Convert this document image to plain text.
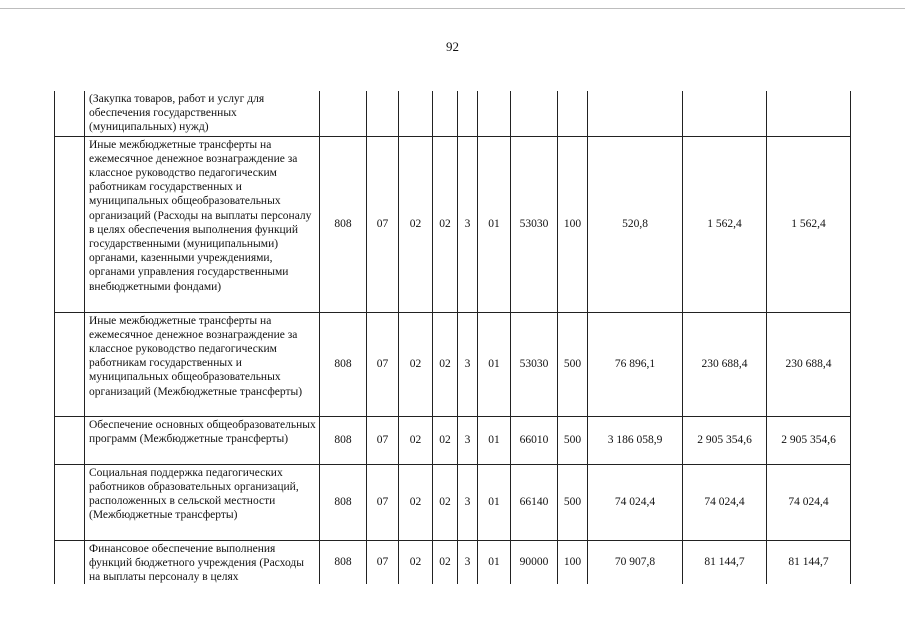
92
	(Закупка товаров, работ и услуг для обеспечения государственных (муниципальных) нужд)											
	Иные межбюджетные трансферты на ежемесячное денежное вознаграждение за классное руководство педагогическим работникам государственных и муниципальных общеобразовательных организаций (Расходы на выплаты персоналу в целях обеспечения выполнения функций государственными (муниципальными) органами, казенными учреждениями, органами управления государственными внебюджетными фондами)	808	07	02	02	3	01	53030	100	520,8	1 562,4	1 562,4
	Иные межбюджетные трансферты на ежемесячное денежное вознаграждение за классное руководство педагогическим работникам государственных и муниципальных общеобразовательных организаций (Межбюджетные трансферты)	808	07	02	02	3	01	53030	500	76 896,1	230 688,4	230 688,4
	Обеспечение основных общеобразовательных программ (Межбюджетные трансферты)	808	07	02	02	3	01	66010	500	3 186 058,9	2 905 354,6	2 905 354,6
	Социальная поддержка педагогических работников образовательных организаций, расположенных в сельской местности (Межбюджетные трансферты)	808	07	02	02	3	01	66140	500	74 024,4	74 024,4	74 024,4
	Финансовое обеспечение выполнения функций бюджетного учреждения (Расходы на выплаты персоналу в целях	808	07	02	02	3	01	90000	100	70 907,8	81 144,7	81 144,7
